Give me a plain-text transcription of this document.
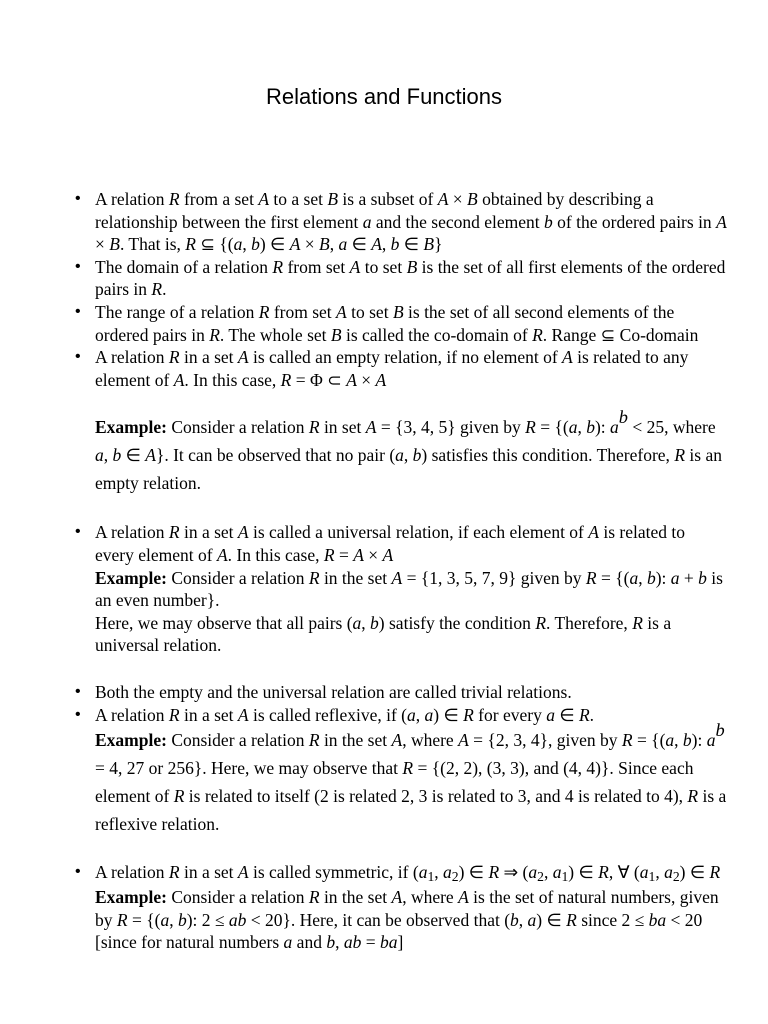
Relations and Functions
• A relation R from a set A to a set B is a subset of A × B obtained by describing a relationship between the first element a and the second element b of the ordered pairs in A × B. That is, R ⊆ {(a, b) ∈ A × B, a ∈ A, b ∈ B}
• The domain of a relation R from set A to set B is the set of all first elements of the ordered pairs in R.
• The range of a relation R from set A to set B is the set of all second elements of the ordered pairs in R. The whole set B is called the co-domain of R. Range ⊆ Co-domain
• A relation R in a set A is called an empty relation, if no element of A is related to any element of A. In this case, R = Φ ⊂ A × A
Example: Consider a relation R in set A = {3, 4, 5} given by R = {(a, b): ab < 25, where a, b ∈ A}. It can be observed that no pair (a, b) satisfies this condition. Therefore, R is an empty relation.
• A relation R in a set A is called a universal relation, if each element of A is related to every element of A. In this case, R = A × A
Example: Consider a relation R in the set A = {1, 3, 5, 7, 9} given by R = {(a, b): a + b is an even number}.
Here, we may observe that all pairs (a, b) satisfy the condition R. Therefore, R is a universal relation.
• Both the empty and the universal relation are called trivial relations.
• A relation R in a set A is called reflexive, if (a, a) ∈ R for every a ∈ R.
Example: Consider a relation R in the set A, where A = {2, 3, 4}, given by R = {(a, b): ab = 4, 27 or 256}. Here, we may observe that R = {(2, 2), (3, 3), and (4, 4)}. Since each element of R is related to itself (2 is related 2, 3 is related to 3, and 4 is related to 4), R is a reflexive relation.
• A relation R in a set A is called symmetric, if ($a_1$, $a_2$) ∈ R ⇒ ($a_2$, $a_1$) ∈ R, ∀ ($a_1$, $a_2$) ∈ R
Example: Consider a relation R in the set A, where A is the set of natural numbers, given by R = {(a, b): 2 ≤ ab < 20}. Here, it can be observed that (b, a) ∈ R since 2 ≤ ba < 20 [since for natural numbers a and b, ab = ba]
